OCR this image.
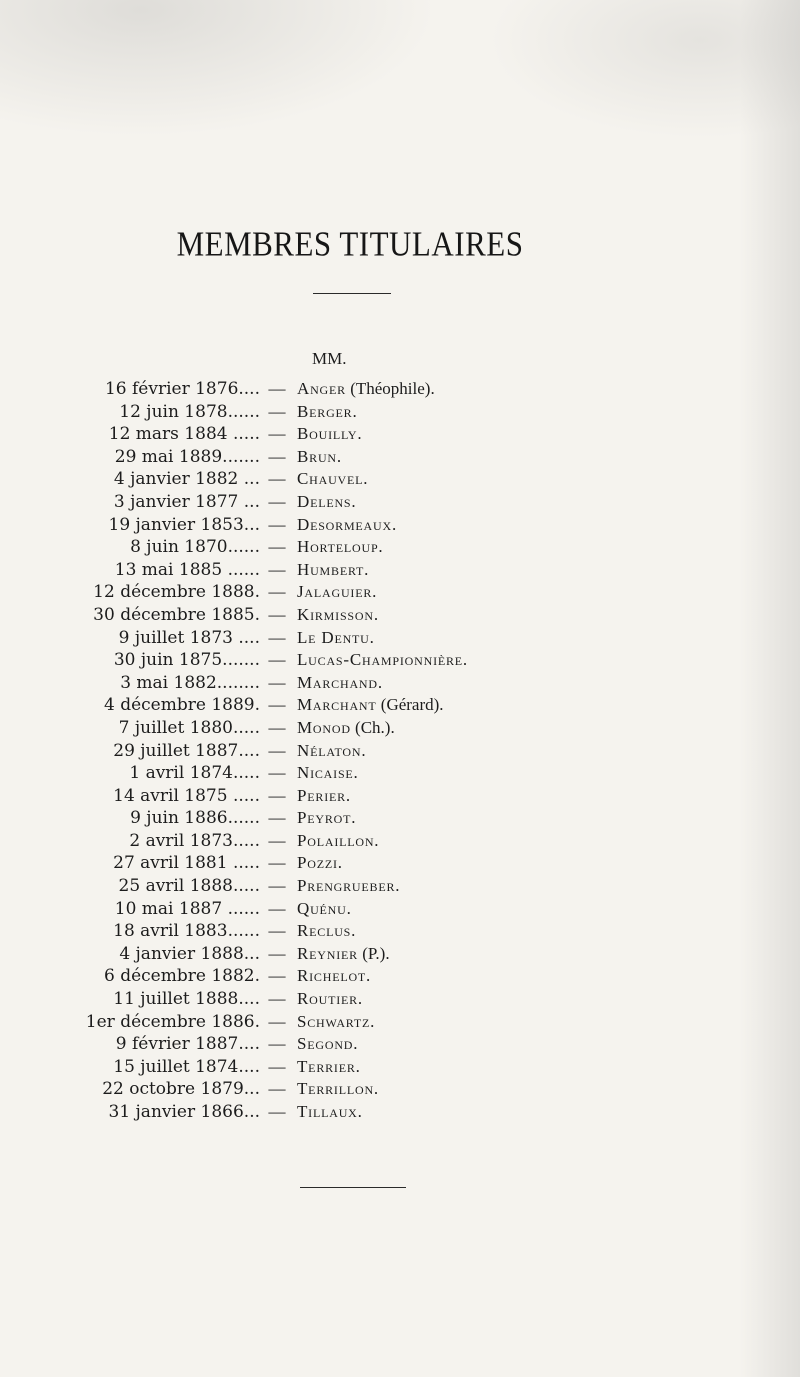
MEMBRES TITULAIRES
MM.
16 février 1876.... — Anger (Théophile).
12 juin 1878...... — Berger.
12 mars 1884 ..... — Bouilly.
29 mai 1889....... — Brun.
4 janvier 1882 ... — Chauvel.
3 janvier 1877 ... — Delens.
19 janvier 1853... — Desormeaux.
8 juin 1870...... — Horteloup.
13 mai 1885 ...... — Humbert.
12 décembre 1888. — Jalaguier.
30 décembre 1885. — Kirmisson.
9 juillet 1873 .... — Le Dentu.
30 juin 1875....... — Lucas-Championnière.
3 mai 1882........ — Marchand.
4 décembre 1889. — Marchant (Gérard).
7 juillet 1880..... — Monod (Ch.).
29 juillet 1887.... — Nélaton.
1 avril 1874..... — Nicaise.
14 avril 1875 ..... — Perier.
9 juin 1886...... — Peyrot.
2 avril 1873..... — Polaillon.
27 avril 1881 ..... — Pozzi.
25 avril 1888..... — Prengrueber.
10 mai 1887 ...... — Quénu.
18 avril 1883...... — Reclus.
4 janvier 1888... — Reynier (P.).
6 décembre 1882. — Richelot.
11 juillet 1888.... — Routier.
1er décembre 1886. — Schwartz.
9 février 1887.... — Segond.
15 juillet 1874.... — Terrier.
22 octobre 1879... — Terrillon.
31 janvier 1866... — Tillaux.
